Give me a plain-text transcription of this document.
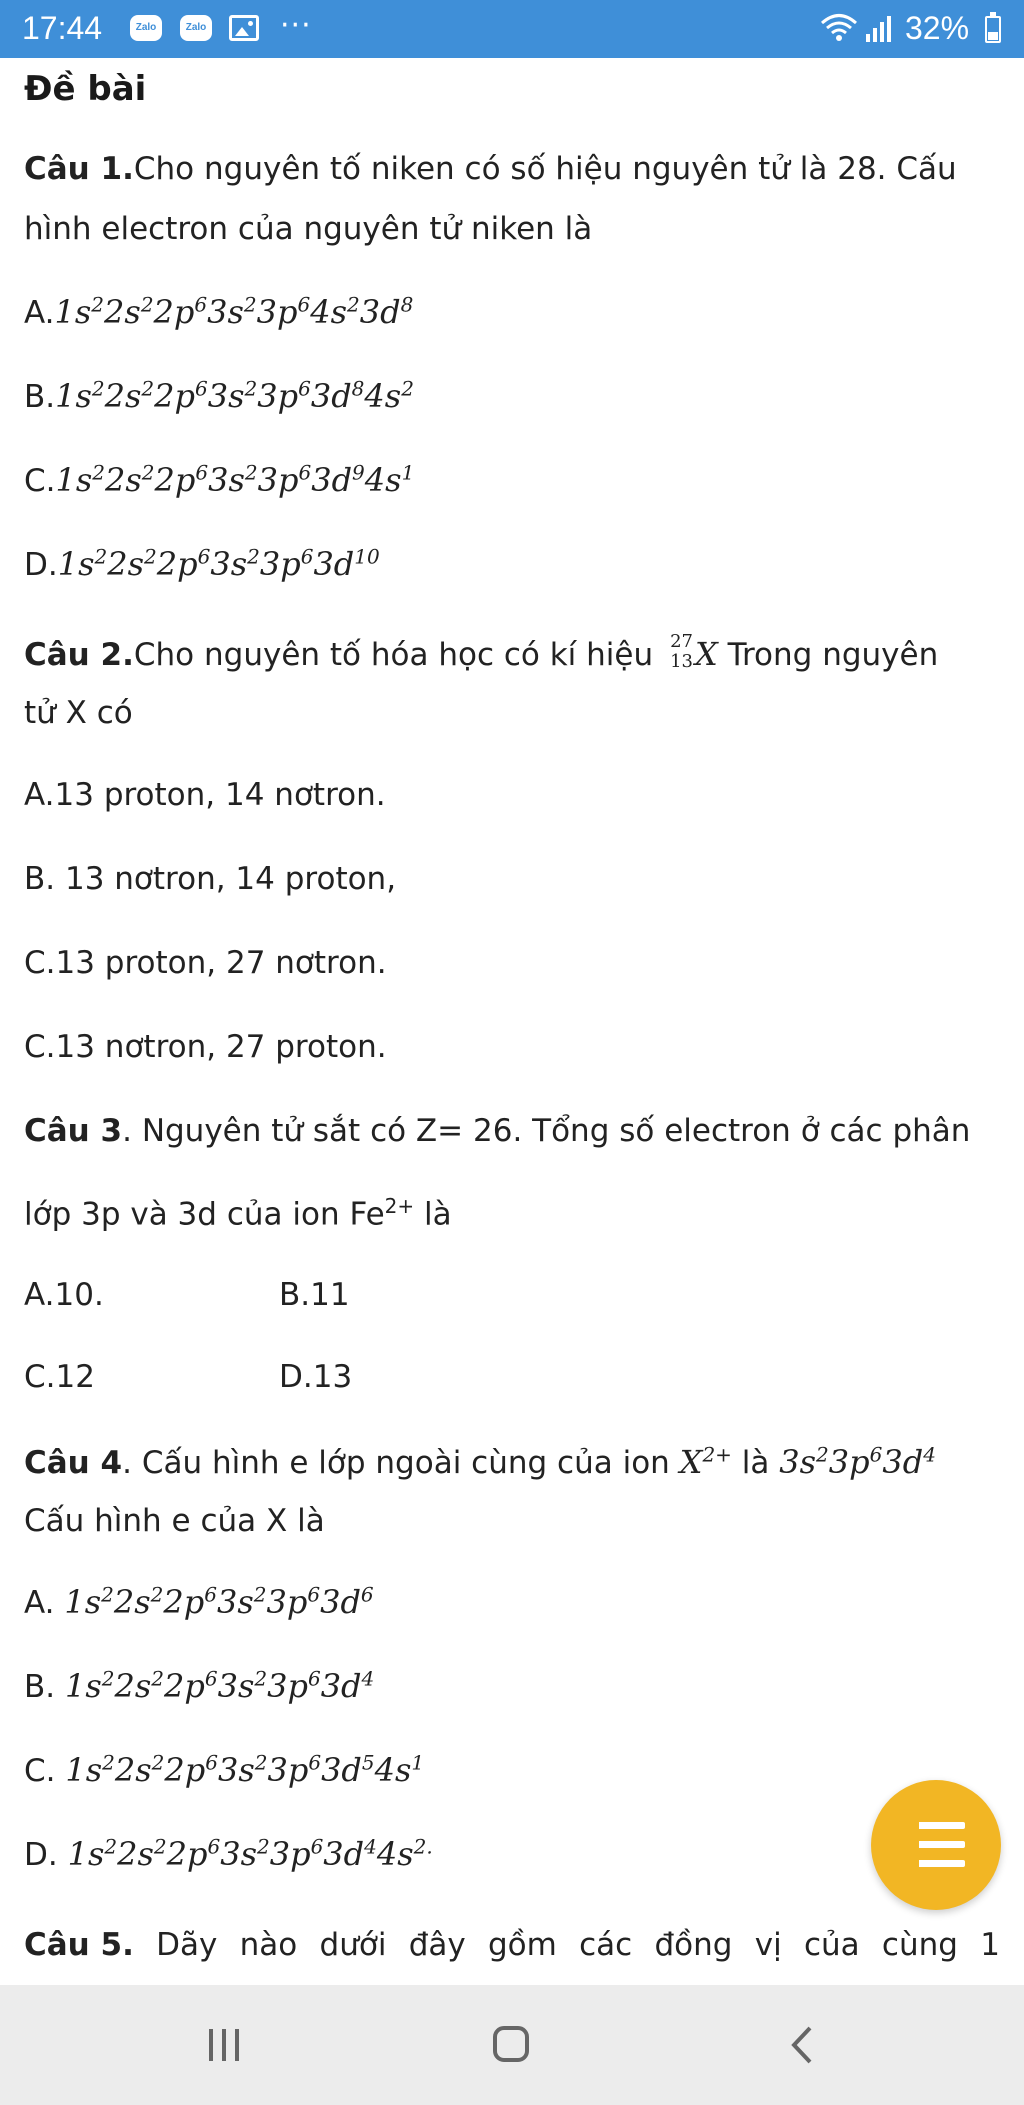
17:44	Zalo	Zalo ···	32%
Đề bài
Câu 1.Cho nguyên tố niken có số hiệu nguyên tử là 28. Cấu
hình electron của nguyên tử niken là
$A.1s^22s^22p^63s^23p^64s^23d^8$
$B.1s^22s^22p^63s^23p^63d^84s^2$
$C.1s^22s^22p^63s^23p^63d^94s^1$
$D.1s^22s^22p^63s^23p^63d^{10}$
Câu 2.Cho nguyên tố hóa học có kí hiệu 27
13 X Trong nguyên
tử X có
A.13 proton, 14 nơtron.
B. 13 nơtron, 14 proton,
C.13 proton, 27 nơtron.
C.13 nơtron, 27 proton.
Câu 3. Nguyên tử sắt có Z= 26. Tổng số electron ở các phân
lớp 3p và 3d của ion $Fe^{2+}$ là
A.10.	B.11
C.12	D.13
Câu 4. Cấu hình e lớp ngoài cùng của ion $X^{2+}$ là $3s^23p^63d^4$
Cấu hình e của X là
A. $1s^22s^22p^63s^23p^63d^6$
B. $1s^22s^22p^63s^23p^63d^4$
C. $1s^22s^22p^63s^23p^63d^54s^1$
D. $1s^22s^22p^63s^23p^63d^44s^{2.}$
Câu 5. Dãy nào dưới đây gồm các đồng vị của cùng 1
